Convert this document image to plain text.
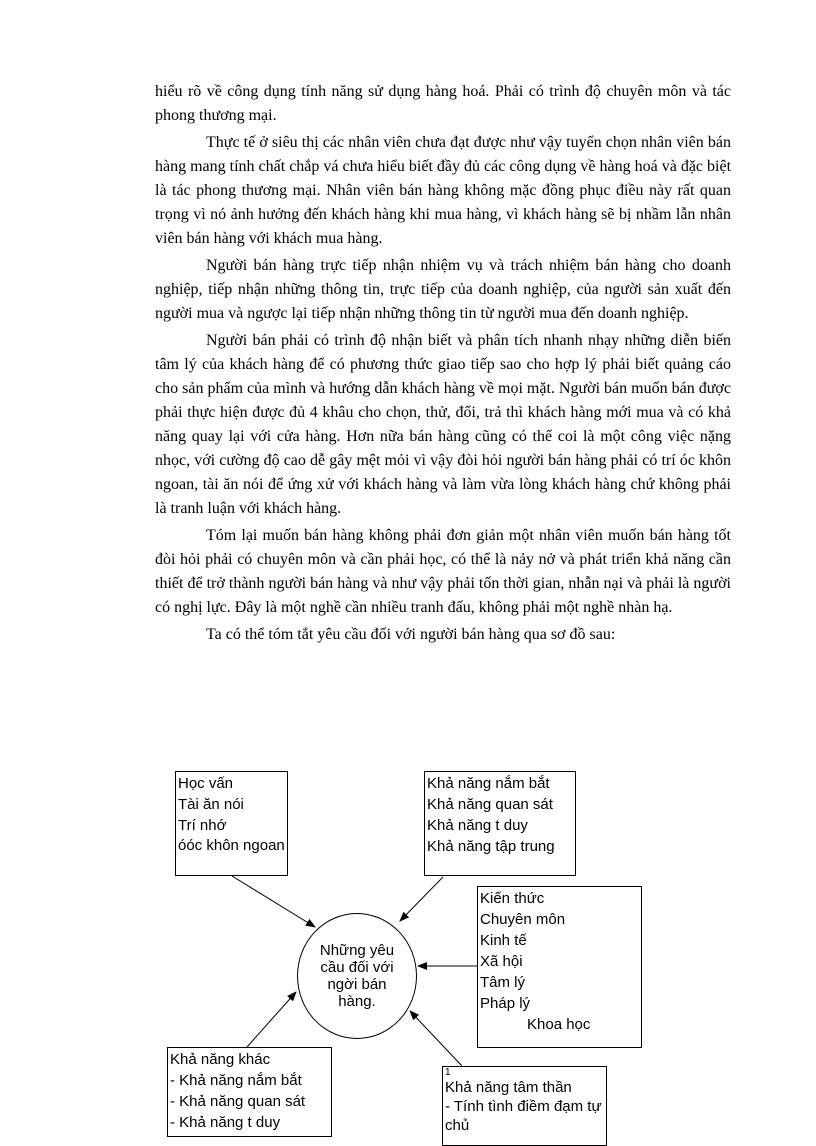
hiểu rõ về công dụng tính năng sử dụng hàng hoá. Phải có trình độ chuyên môn và tác phong thương mại.

Thực tế ở siêu thị các nhân viên chưa đạt được như vậy tuyển chọn nhân viên bán hàng mang tính chất chắp vá chưa hiểu biết đầy đủ các công dụng về hàng hoá và đặc biệt là tác phong thương mại. Nhân viên bán hàng không mặc đồng phục điều này rất quan trọng vì nó ảnh hưởng đến khách hàng khi mua hàng, vì khách hàng sẽ bị nhầm lẫn nhân viên bán hàng với khách mua hàng.

Người bán hàng trực tiếp nhận nhiệm vụ và trách nhiệm bán hàng cho doanh nghiệp, tiếp nhận những thông tin, trực tiếp của doanh nghiệp, của người sản xuất đến người mua và ngược lại tiếp nhận những thông tin từ người mua đến doanh nghiệp.

Người bán phải có trình độ nhận biết và phân tích nhanh nhạy những diễn biến tâm lý của khách hàng để có phương thức giao tiếp sao cho hợp lý phải biết quảng cáo cho sản phẩm của mình và hướng dẫn khách hàng về mọi mặt. Người bán muốn bán được phải thực hiện được đủ 4 khâu cho chọn, thử, đổi, trả thì khách hàng mới mua và có khả năng quay lại với cửa hàng. Hơn nữa bán hàng cũng có thể coi là một công việc nặng nhọc, với cường độ cao dễ gây mệt mỏi vì vậy đòi hỏi người bán hàng phải có trí óc khôn ngoan, tài ăn nói để ứng xử với khách hàng và làm vừa lòng khách hàng chứ không phải là tranh luận với khách hàng.

Tóm lại muốn bán hàng không phải đơn giản một nhân viên muốn bán hàng tốt đòi hỏi phải có chuyên môn và cần phải học, có thể là nảy nở và phát triển khả năng cần thiết để trở thành người bán hàng và như vậy phải tốn thời gian, nhẫn nại và phải là người có nghị lực. Đây là một nghề cần nhiều tranh đấu, không phải một nghề nhàn hạ.

Ta có thể tóm tắt yêu cầu đối với người bán hàng qua sơ đồ sau:

Học vấn
Tài ăn nói
Trí nhớ
óóc khôn ngoan
Khả năng nắm bắt
Khả năng quan sát
Khả năng t duy
Khả năng tập trung
Kiến thức
Chuyên môn
Kinh tế
Xã hội
Tâm lý
Pháp lý
Khoa học
Những yêu cầu đối với ngời bán hàng.
Khả năng khác
- Khả năng nắm bắt
- Khả năng quan sát
- Khả năng t duy
1
Khả năng tâm thần
- Tính tình điềm đạm tự chủ
